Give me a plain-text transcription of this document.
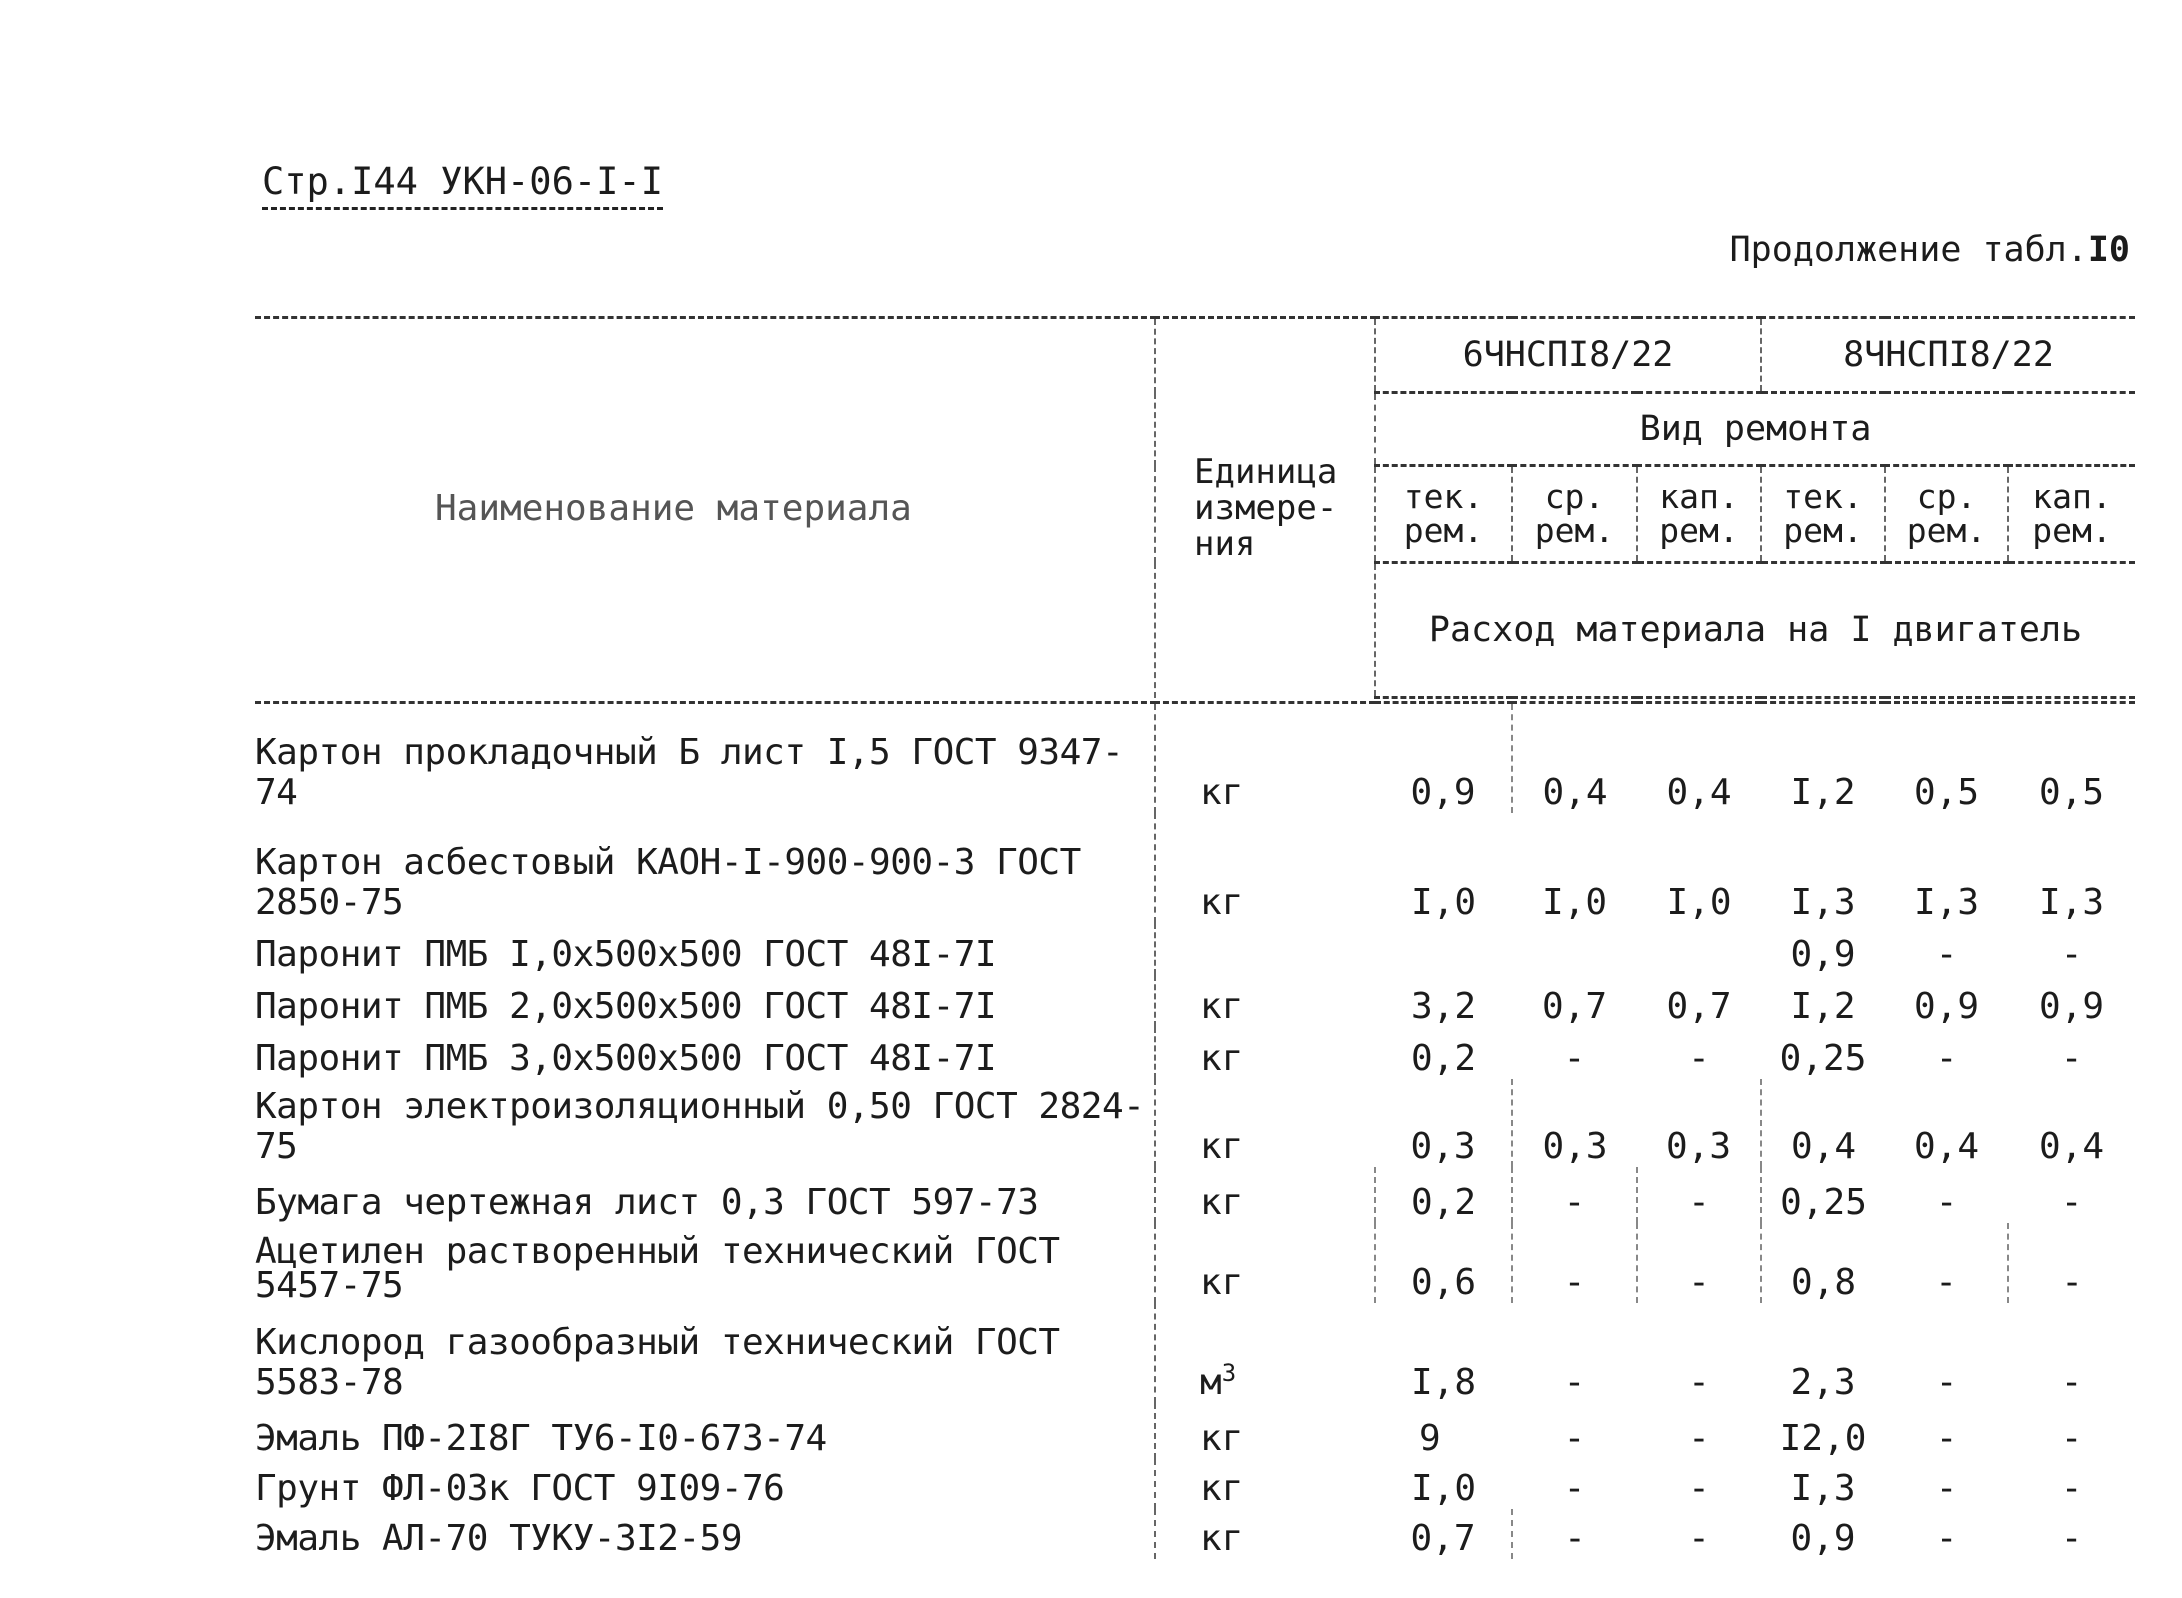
Стр.I44 УКН-06-I-I
Продолжение табл.I0
Наименование материала	Единица измере- ния	6ЧНСПI8/22			8ЧНСПI8/22		
		Вид ремонта					
		тек. рем.	ср. рем.	кап. рем.	тек. рем.	ср. рем.	кап. рем.
		Расход материала на I двигатель					

Картон прокладочный Б лист I,5 ГОСТ 9347-74	кг	0,9	0,4	0,4	I,2	0,5	0,5
Картон асбестовый КАОН-I-900-900-3 ГОСТ 2850-75	кг	I,0	I,0	I,0	I,3	I,3	I,3
Паронит ПМБ I,0x500x500 ГОСТ 48I-7I					0,9	-	-
Паронит ПМБ 2,0x500x500 ГОСТ 48I-7I	кг	3,2	0,7	0,7	I,2	0,9	0,9
Паронит ПМБ 3,0x500x500 ГОСТ 48I-7I	кг	0,2	-	-	0,25	-	-
Картон электроизоляционный 0,50 ГОСТ 2824-75	кг	0,3	0,3	0,3	0,4	0,4	0,4
Бумага чертежная лист 0,3 ГОСТ 597-73	кг	0,2	-	-	0,25	-	-
Ацетилен растворенный технический ГОСТ 5457-75	кг	0,6	-	-	0,8	-	-
Кислород газообразный технический ГОСТ 5583-78	$м^3$	I,8	-	-	2,3	-	-
Эмаль ПФ-2I8Г ТУ6-I0-673-74	кг	9	-	-	I2,0	-	-
Грунт ФЛ-03к ГОСТ 9I09-76	кг	I,0	-	-	I,3	-	-
Эмаль АЛ-70 ТУКУ-3I2-59	кг	0,7	-	-	0,9	-	-
